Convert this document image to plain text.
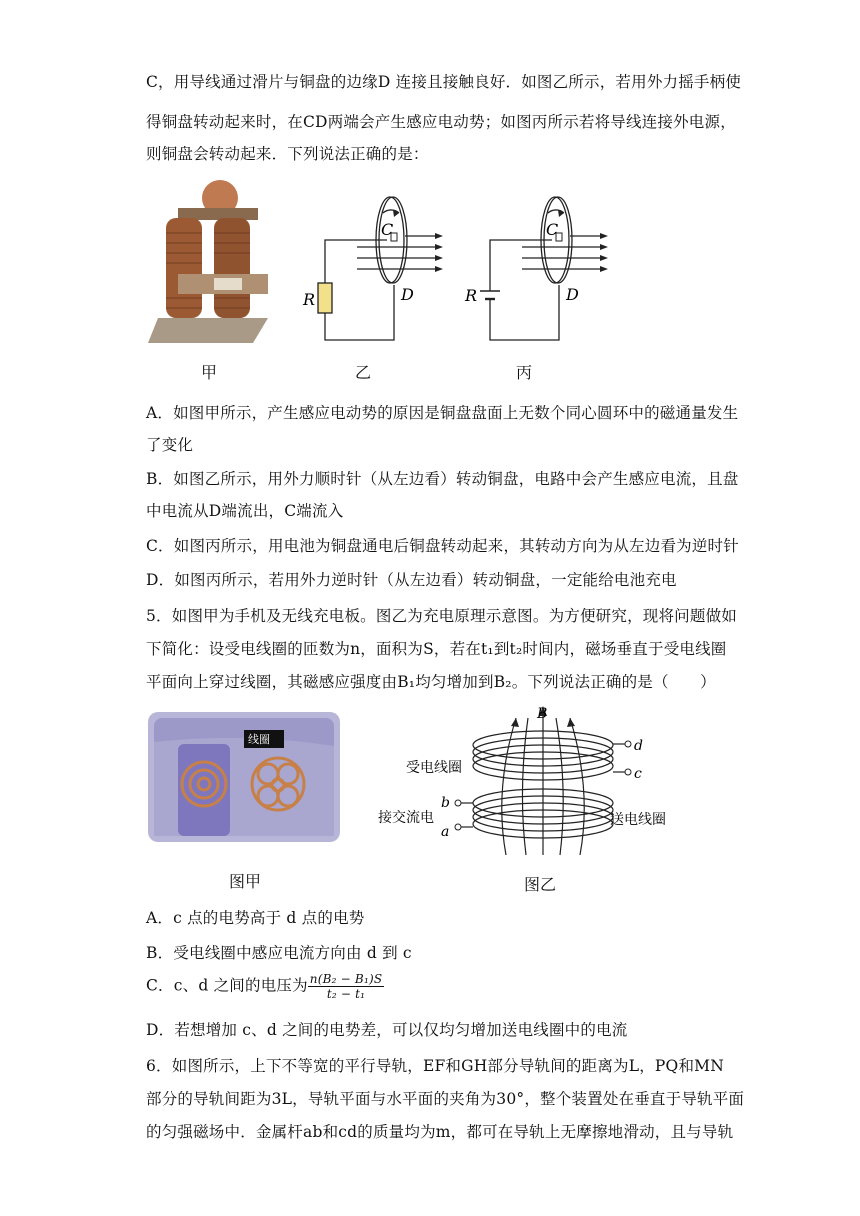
C，用导线通过滑片与铜盘的边缘D 连接且接触良好．如图乙所示，若用外力摇手柄使
得铜盘转动起来时，在CD两端会产生感应电动势；如图丙所示若将导线连接外电源，
则铜盘会转动起来．下列说法正确的是：
甲
R
C
D
乙
R
C
D
丙
A．如图甲所示，产生感应电动势的原因是铜盘盘面上无数个同心圆环中的磁通量发生
了变化
B．如图乙所示，用外力顺时针（从左边看）转动铜盘，电路中会产生感应电流，且盘
中电流从D端流出，C端流入
C．如图丙所示，用电池为铜盘通电后铜盘转动起来，其转动方向为从左边看为逆时针
D．如图丙所示，若用外力逆时针（从左边看）转动铜盘，一定能给电池充电
5．如图甲为手机及无线充电板。图乙为充电原理示意图。为方便研究，现将问题做如
下简化：设受电线圈的匝数为n，面积为S，若在t₁到t₂时间内，磁场垂直于受电线圈
平面向上穿过线圈，其磁感应强度由B₁均匀增加到B₂。下列说法正确的是（　　）
线圈
图甲
B
d
c
b
a
受电线圈
接交流电	送电线圈
图乙
A．c 点的电势高于 d 点的电势
B．受电线圈中感应电流方向由 d 到 c
C．c、d 之间的电压为 $\frac{\text{n(B₂ − B₁)S}}{\text{t₂ − t₁}}$
D．若想增加 c、d 之间的电势差，可以仅均匀增加送电线圈中的电流
6．如图所示，上下不等宽的平行导轨，EF和GH部分导轨间的距离为L，PQ和MN
部分的导轨间距为3L，导轨平面与水平面的夹角为30°，整个装置处在垂直于导轨平面
的匀强磁场中．金属杆ab和cd的质量均为m，都可在导轨上无摩擦地滑动，且与导轨
